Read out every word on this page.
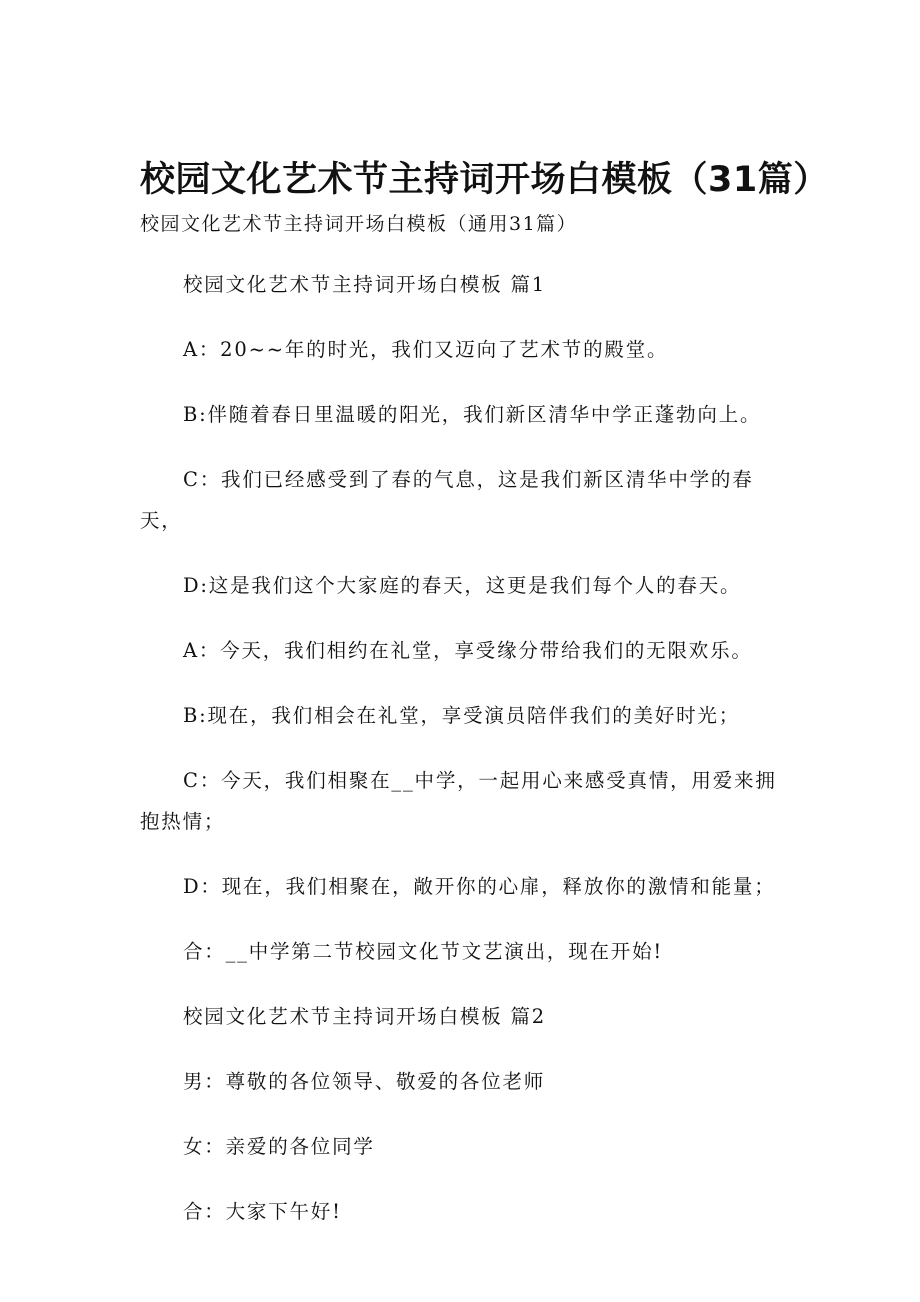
校园文化艺术节主持词开场白模板（31篇）
校园文化艺术节主持词开场白模板（通用31篇）

校园文化艺术节主持词开场白模板 篇1

A：20~~年的时光，我们又迈向了艺术节的殿堂。

B:伴随着春日里温暖的阳光，我们新区清华中学正蓬勃向上。

C：我们已经感受到了春的气息，这是我们新区清华中学的春天，

D:这是我们这个大家庭的春天，这更是我们每个人的春天。

A：今天，我们相约在礼堂，享受缘分带给我们的无限欢乐。

B:现在，我们相会在礼堂，享受演员陪伴我们的美好时光；

C：今天，我们相聚在__中学，一起用心来感受真情，用爱来拥抱热情；

D：现在，我们相聚在，敞开你的心扉，释放你的激情和能量；

合：__中学第二节校园文化节文艺演出，现在开始!

校园文化艺术节主持词开场白模板 篇2

男：尊敬的各位领导、敬爱的各位老师

女：亲爱的各位同学

合：大家下午好!
